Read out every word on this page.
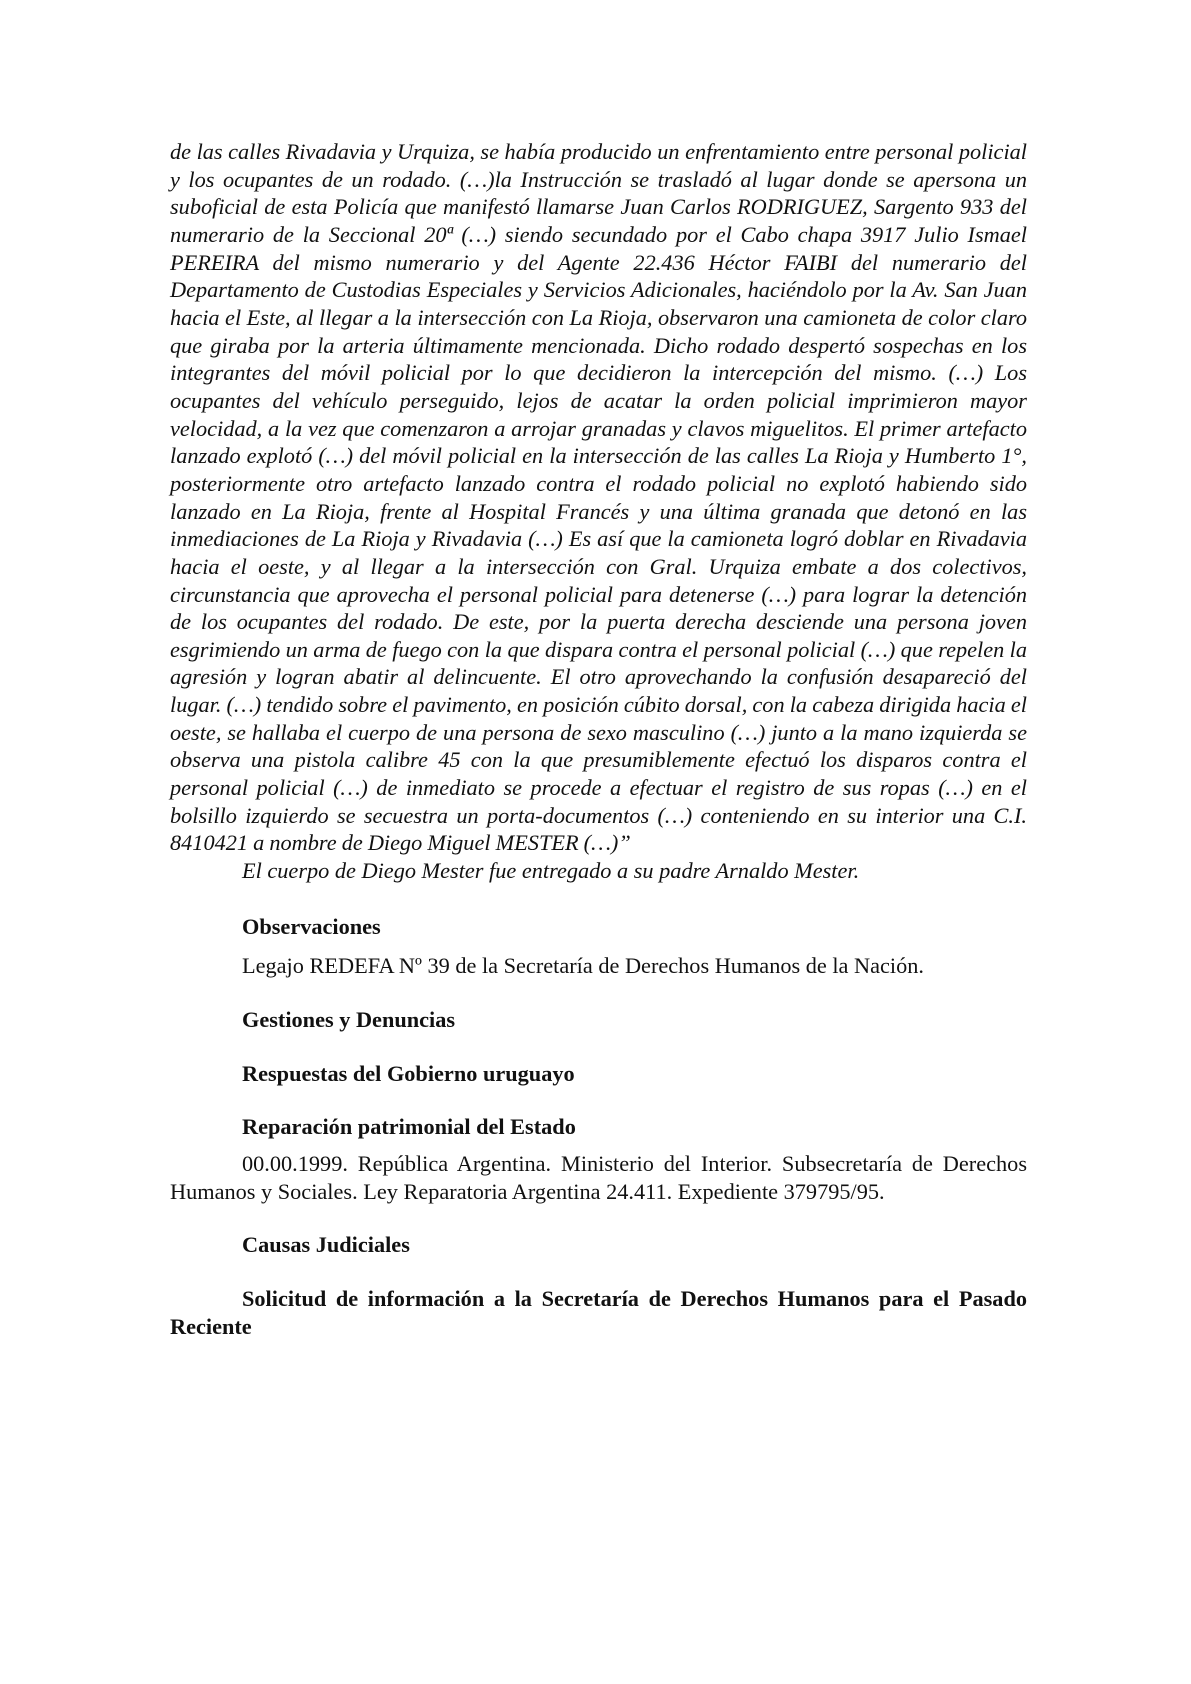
de las calles Rivadavia y Urquiza, se había producido un enfrentamiento entre personal policial y los ocupantes de un rodado. (…)la Instrucción se trasladó al lugar donde se apersona un suboficial de esta Policía que manifestó llamarse Juan Carlos RODRIGUEZ, Sargento 933 del numerario de la Seccional 20ª (…) siendo secundado por el Cabo chapa 3917 Julio Ismael PEREIRA del mismo numerario y del Agente 22.436 Héctor FAIBI del numerario del Departamento de Custodias Especiales y Servicios Adicionales, haciéndolo por la Av. San Juan hacia el Este, al llegar a la intersección con La Rioja, observaron una camioneta de color claro que giraba por la arteria últimamente mencionada. Dicho rodado despertó sospechas en los integrantes del móvil policial por lo que decidieron la intercepción del mismo. (…) Los ocupantes del vehículo perseguido, lejos de acatar la orden policial imprimieron mayor velocidad, a la vez que comenzaron a arrojar granadas y clavos miguelitos. El primer artefacto lanzado explotó (…) del móvil policial en la intersección de las calles La Rioja y Humberto 1°, posteriormente otro artefacto lanzado contra el rodado policial no explotó habiendo sido lanzado en La Rioja, frente al Hospital Francés y una última granada que detonó en las inmediaciones de La Rioja y Rivadavia (…) Es así que la camioneta logró doblar en Rivadavia hacia el oeste, y al llegar a la intersección con Gral. Urquiza embate a dos colectivos, circunstancia que aprovecha el personal policial para detenerse (…) para lograr la detención de los ocupantes del rodado. De este, por la puerta derecha desciende una persona joven esgrimiendo un arma de fuego con la que dispara contra el personal policial (…) que repelen la agresión y logran abatir al delincuente. El otro aprovechando la confusión desapareció del lugar. (…) tendido sobre el pavimento, en posición cúbito dorsal, con la cabeza dirigida hacia el oeste, se hallaba el cuerpo de una persona de sexo masculino (…) junto a la mano izquierda se observa una pistola calibre 45 con la que presumiblemente efectuó los disparos contra el personal policial (…) de inmediato se procede a efectuar el registro de sus ropas (…) en el bolsillo izquierdo se secuestra un porta-documentos (…) conteniendo en su interior una C.I. 8410421 a nombre de Diego Miguel MESTER (…)”

El cuerpo de Diego Mester fue entregado a su padre Arnaldo Mester.

Observaciones

Legajo REDEFA Nº 39 de la Secretaría de Derechos Humanos de la Nación.

Gestiones y Denuncias

Respuestas del Gobierno uruguayo

Reparación patrimonial del Estado

00.00.1999. República Argentina. Ministerio del Interior. Subsecretaría de Derechos Humanos y Sociales. Ley Reparatoria Argentina 24.411. Expediente 379795/95.

Causas Judiciales

Solicitud de información a la Secretaría de Derechos Humanos para el Pasado Reciente
